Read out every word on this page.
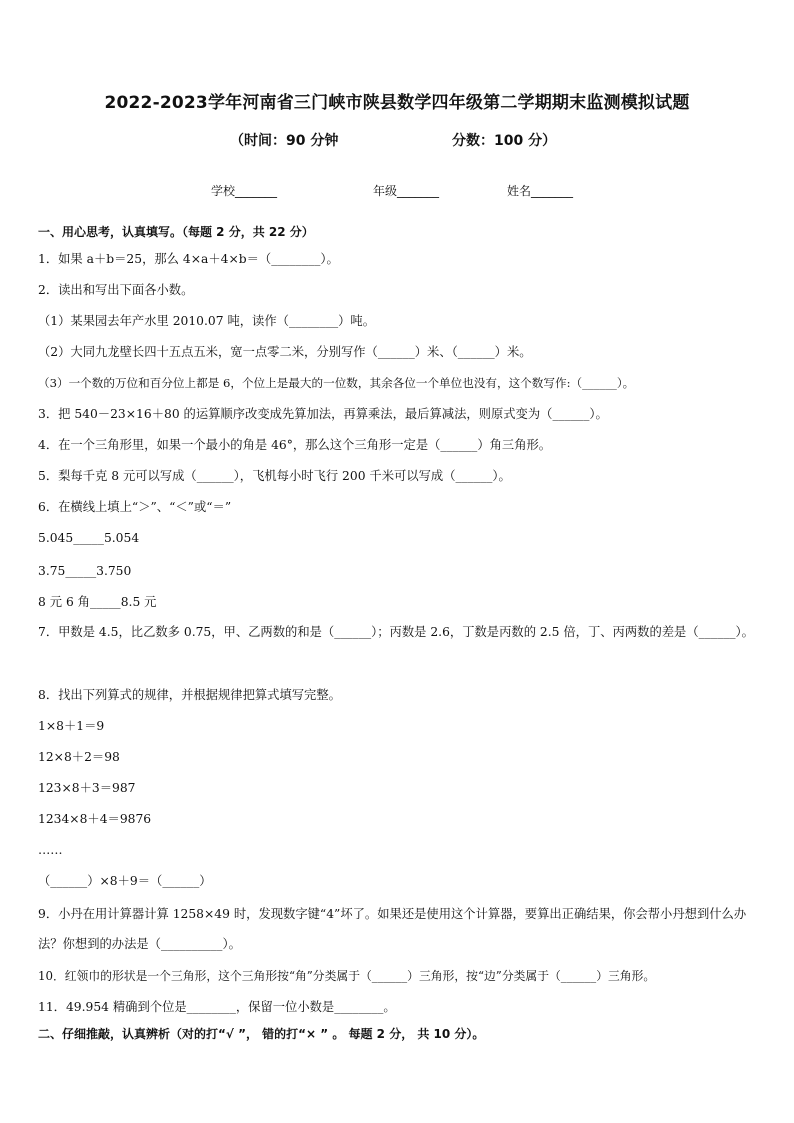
2022-2023学年河南省三门峡市陕县数学四年级第二学期期末监测模拟试题
（时间：90 分钟	分数：100 分）
学校_______	年级_______	姓名_______
一、用心思考，认真填写。（每题 2 分，共 22 分）
1．如果 a＋b＝25，那么 4×a＋4×b＝（________）。
2．读出和写出下面各小数。
（1）某果园去年产水里 2010.07 吨，读作（________）吨。
（2）大同九龙壁长四十五点五米，宽一点零二米，分别写作（______）米、（______）米。
（3）一个数的万位和百分位上都是 6，个位上是最大的一位数，其余各位一个单位也没有，这个数写作:（______）。
3．把 540－23×16＋80 的运算顺序改变成先算加法，再算乘法，最后算减法，则原式变为（______）。
4．在一个三角形里，如果一个最小的角是 46°，那么这个三角形一定是（______）角三角形。
5．梨每千克 8 元可以写成（______），飞机每小时飞行 200 千米可以写成（______）。
6．在横线上填上“＞”、“＜”或“＝”
5.045_____5.054
3.75_____3.750
8 元 6 角_____8.5 元
7．甲数是 4.5，比乙数多 0.75，甲、乙两数的和是（______）；丙数是 2.6，丁数是丙数的 2.5 倍，丁、丙两数的差是（______）。
8．找出下列算式的规律，并根据规律把算式填写完整。
1×8＋1＝9
12×8＋2＝98
123×8＋3＝987
1234×8＋4＝9876
……
（______）×8＋9＝（______）
9．小丹在用计算器计算 1258×49 时，发现数字键“4”坏了。如果还是使用这个计算器，要算出正确结果，你会帮小丹想到什么办法？你想到的办法是（__________）。
10．红领巾的形状是一个三角形，这个三角形按“角”分类属于（______）三角形，按“边”分类属于（______）三角形。
11．49.954 精确到个位是________，保留一位小数是________。
二、仔细推敲，认真辨析（对的打“√ ”， 错的打“× ” 。 每题 2 分， 共 10 分）。
